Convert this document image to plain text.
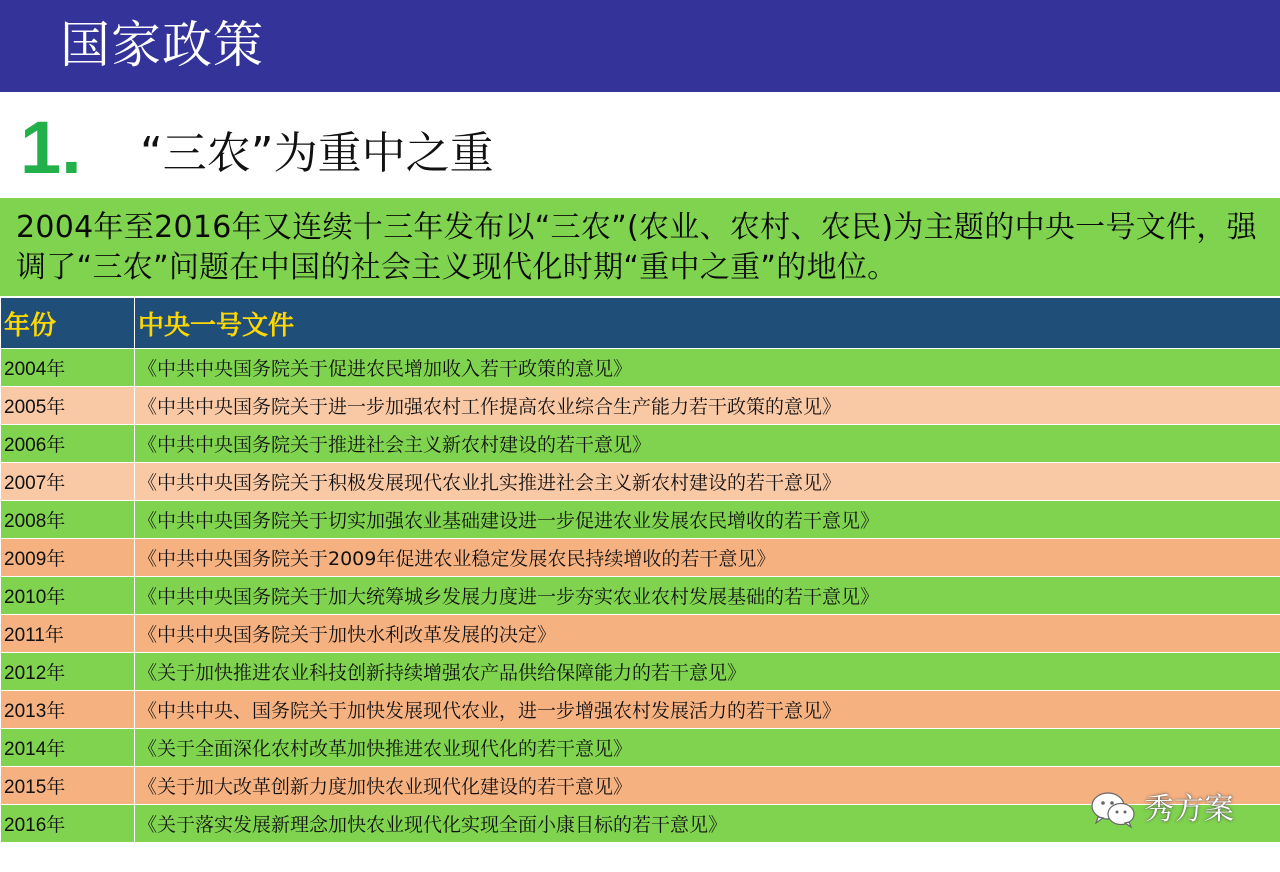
国家政策
1. “三农”为重中之重
2004年至2016年又连续十三年发布以“三农”(农业、农村、农民)为主题的中央一号文件，强调了“三农”问题在中国的社会主义现代化时期“重中之重”的地位。
年份	中央一号文件
2004年	《中共中央国务院关于促进农民增加收入若干政策的意见》
2005年	《中共中央国务院关于进一步加强农村工作提高农业综合生产能力若干政策的意见》
2006年	《中共中央国务院关于推进社会主义新农村建设的若干意见》
2007年	《中共中央国务院关于积极发展现代农业扎实推进社会主义新农村建设的若干意见》
2008年	《中共中央国务院关于切实加强农业基础建设进一步促进农业发展农民增收的若干意见》
2009年	《中共中央国务院关于2009年促进农业稳定发展农民持续增收的若干意见》
2010年	《中共中央国务院关于加大统筹城乡发展力度进一步夯实农业农村发展基础的若干意见》
2011年	《中共中央国务院关于加快水利改革发展的决定》
2012年	《关于加快推进农业科技创新持续增强农产品供给保障能力的若干意见》
2013年	《中共中央、国务院关于加快发展现代农业，进一步增强农村发展活力的若干意见》
2014年	《关于全面深化农村改革加快推进农业现代化的若干意见》
2015年	《关于加大改革创新力度加快农业现代化建设的若干意见》
2016年	《关于落实发展新理念加快农业现代化实现全面小康目标的若干意见》	秀方案
